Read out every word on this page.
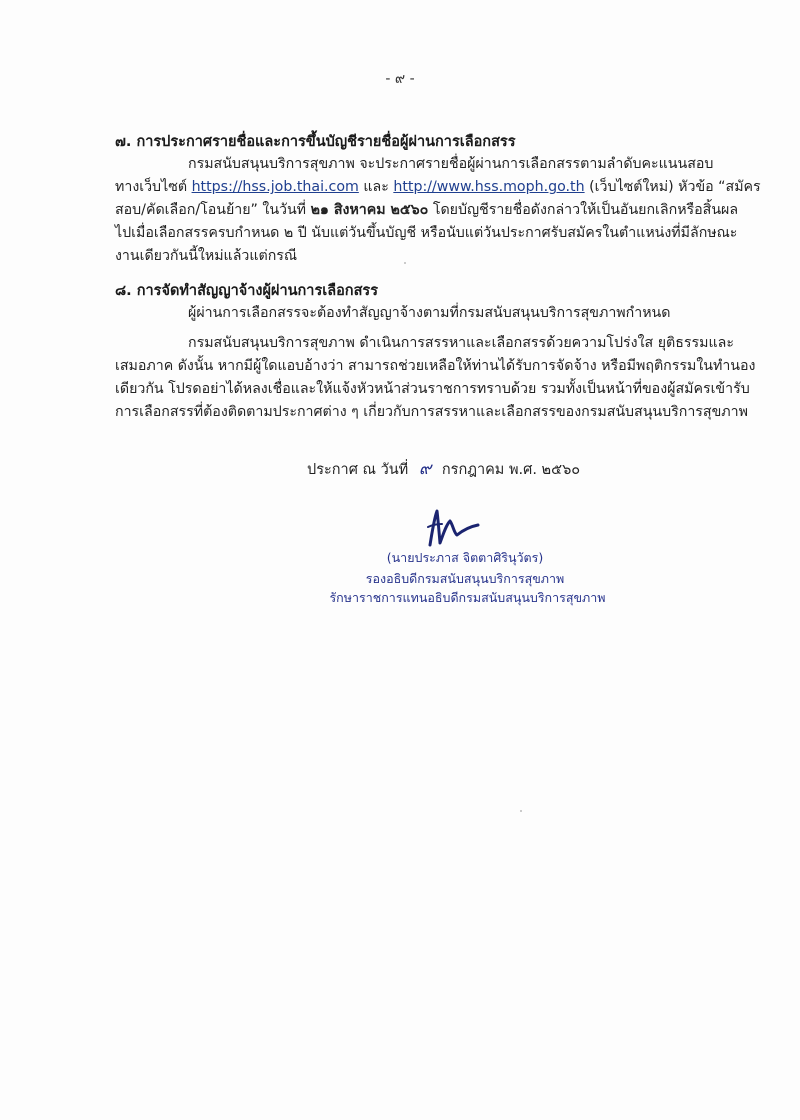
- ๙ -
๗. การประกาศรายชื่อและการขึ้นบัญชีรายชื่อผู้ผ่านการเลือกสรร
กรมสนับสนุนบริการสุขภาพ จะประกาศรายชื่อผู้ผ่านการเลือกสรรตามลำดับคะแนนสอบ
ทางเว็บไซต์ https://hss.job.thai.com และ http://www.hss.moph.go.th (เว็บไซต์ใหม่) หัวข้อ “สมัคร
สอบ/คัดเลือก/โอนย้าย” ในวันที่ ๒๑ สิงหาคม ๒๕๖๐ โดยบัญชีรายชื่อดังกล่าวให้เป็นอันยกเลิกหรือสิ้นผล
ไปเมื่อเลือกสรรครบกำหนด ๒ ปี นับแต่วันขึ้นบัญชี หรือนับแต่วันประกาศรับสมัครในตำแหน่งที่มีลักษณะ
งานเดียวกันนี้ใหม่แล้วแต่กรณี
๘. การจัดทำสัญญาจ้างผู้ผ่านการเลือกสรร
ผู้ผ่านการเลือกสรรจะต้องทำสัญญาจ้างตามที่กรมสนับสนุนบริการสุขภาพกำหนด
กรมสนับสนุนบริการสุขภาพ ดำเนินการสรรหาและเลือกสรรด้วยความโปร่งใส ยุติธรรมและ
เสมอภาค ดังนั้น หากมีผู้ใดแอบอ้างว่า สามารถช่วยเหลือให้ท่านได้รับการจัดจ้าง หรือมีพฤติกรรมในทำนอง
เดียวกัน โปรดอย่าได้หลงเชื่อและให้แจ้งหัวหน้าส่วนราชการทราบด้วย รวมทั้งเป็นหน้าที่ของผู้สมัครเข้ารับ
การเลือกสรรที่ต้องติดตามประกาศต่าง ๆ เกี่ยวกับการสรรหาและเลือกสรรของกรมสนับสนุนบริการสุขภาพ
ประกาศ ณ วันที่ ๙ กรกฎาคม พ.ศ. ๒๕๖๐
(นายประภาส จิตตาศิรินุวัตร)
รองอธิบดีกรมสนับสนุนบริการสุขภาพ
รักษาราชการแทนอธิบดีกรมสนับสนุนบริการสุขภาพ
